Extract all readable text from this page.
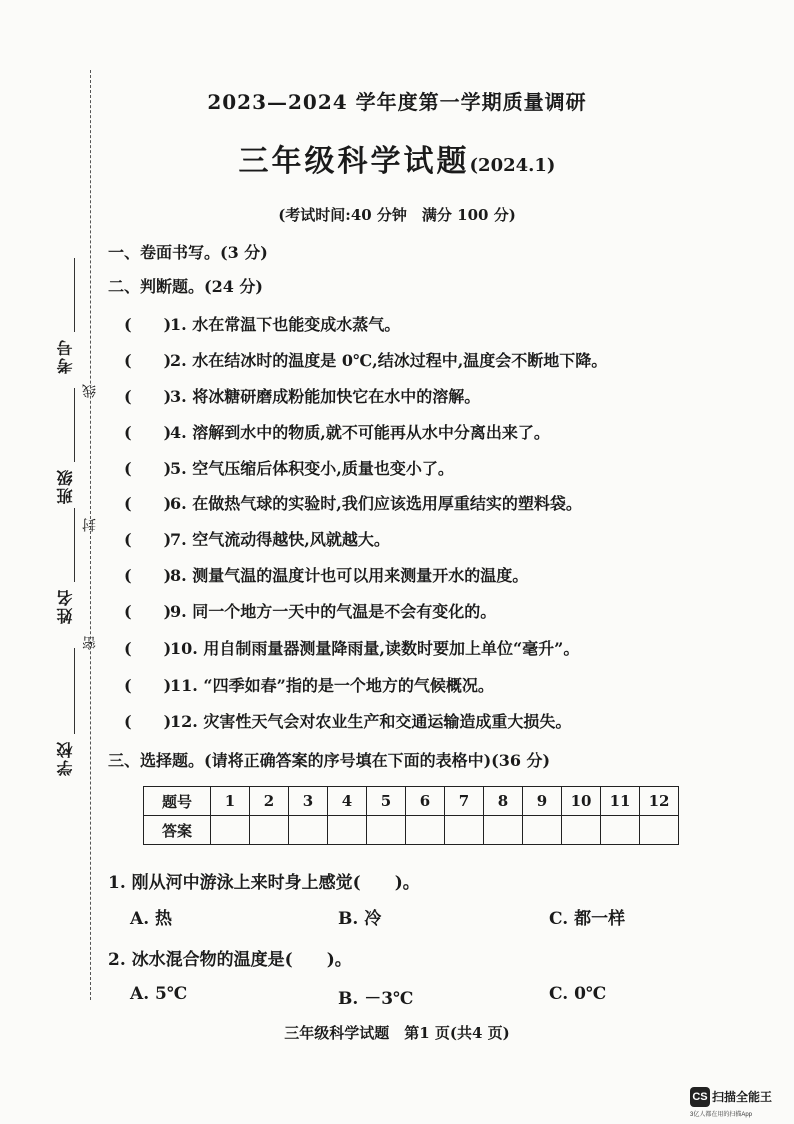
考号
班级
姓名
学校
线
封
密
2023—2024 学年度第一学期质量调研
三年级科学试题(2024.1)
(考试时间:40 分钟　满分 100 分)
一、卷面书写。(3 分)
二、判断题。(24 分)
(　　)1. 水在常温下也能变成水蒸气。
(　　)2. 水在结冰时的温度是 0℃,结冰过程中,温度会不断地下降。
(　　)3. 将冰糖研磨成粉能加快它在水中的溶解。
(　　)4. 溶解到水中的物质,就不可能再从水中分离出来了。
(　　)5. 空气压缩后体积变小,质量也变小了。
(　　)6. 在做热气球的实验时,我们应该选用厚重结实的塑料袋。
(　　)7. 空气流动得越快,风就越大。
(　　)8. 测量气温的温度计也可以用来测量开水的温度。
(　　)9. 同一个地方一天中的气温是不会有变化的。
(　　)10. 用自制雨量器测量降雨量,读数时要加上单位“毫升”。
(　　)11. “四季如春”指的是一个地方的气候概况。
(　　)12. 灾害性天气会对农业生产和交通运输造成重大损失。
三、选择题。(请将正确答案的序号填在下面的表格中)(36 分)
题号	1	2	3	4	5	6	7	8	9	10	11	12
答案												
1. 刚从河中游泳上来时身上感觉(　　)。
A. 热	B. 冷	C. 都一样
2. 冰水混合物的温度是(　　)。
A. 5℃	B. －3℃	C. 0℃
三年级科学试题　第1 页(共4 页)
CS 扫描全能王
3亿人都在用的扫描App
